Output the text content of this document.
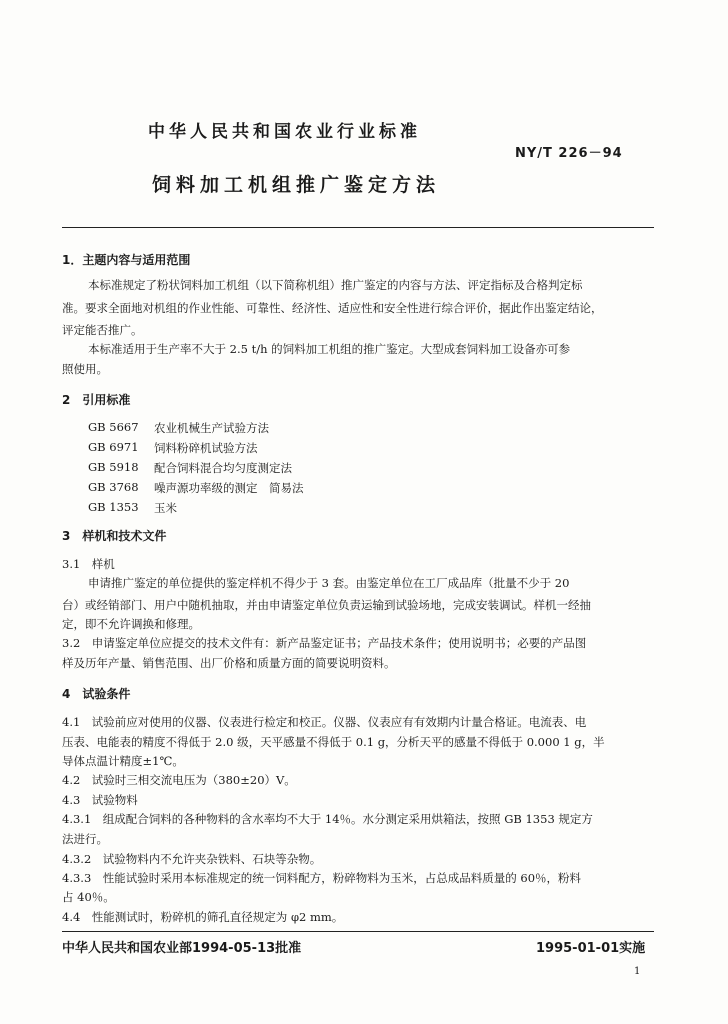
中华人民共和国农业行业标准
NY/T 226－94
饲料加工机组推广鉴定方法
1．主题内容与适用范围
本标准规定了粉状饲料加工机组（以下简称机组）推广鉴定的内容与方法、评定指标及合格判定标
准。要求全面地对机组的作业性能、可靠性、经济性、适应性和安全性进行综合评价，据此作出鉴定结论，
评定能否推广。
本标准适用于生产率不大于 2.5 t/h 的饲料加工机组的推广鉴定。大型成套饲料加工设备亦可参
照使用。
2　引用标准
GB 5667	农业机械生产试验方法
GB 6971	饲料粉碎机试验方法
GB 5918	配合饲料混合均匀度测定法
GB 3768	噪声源功率级的测定　简易法
GB 1353	玉米
3　样机和技术文件
3.1　样机
申请推广鉴定的单位提供的鉴定样机不得少于 3 套。由鉴定单位在工厂成品库（批量不少于 20
台）或经销部门、用户中随机抽取，并由申请鉴定单位负责运输到试验场地，完成安装调试。样机一经抽
定，即不允许调换和修理。
3.2　申请鉴定单位应提交的技术文件有：新产品鉴定证书；产品技术条件；使用说明书；必要的产品图
样及历年产量、销售范围、出厂价格和质量方面的简要说明资料。
4　试验条件
4.1　试验前应对使用的仪器、仪表进行检定和校正。仪器、仪表应有有效期内计量合格证。电流表、电
压表、电能表的精度不得低于 2.0 级，天平感量不得低于 0.1 g，分析天平的感量不得低于 0.000 1 g，半
导体点温计精度±1℃。
4.2　试验时三相交流电压为（380±20）V。
4.3　试验物料
4.3.1　组成配合饲料的各种物料的含水率均不大于 14％。水分测定采用烘箱法，按照 GB 1353 规定方
法进行。
4.3.2　试验物料内不允许夹杂铁料、石块等杂物。
4.3.3　性能试验时采用本标准规定的统一饲料配方，粉碎物料为玉米，占总成品料质量的 60％，粉料
占 40％。
4.4　性能测试时，粉碎机的筛孔直径规定为 φ2 mm。
中华人民共和国农业部1994-05-13批准	1995-01-01实施
1
